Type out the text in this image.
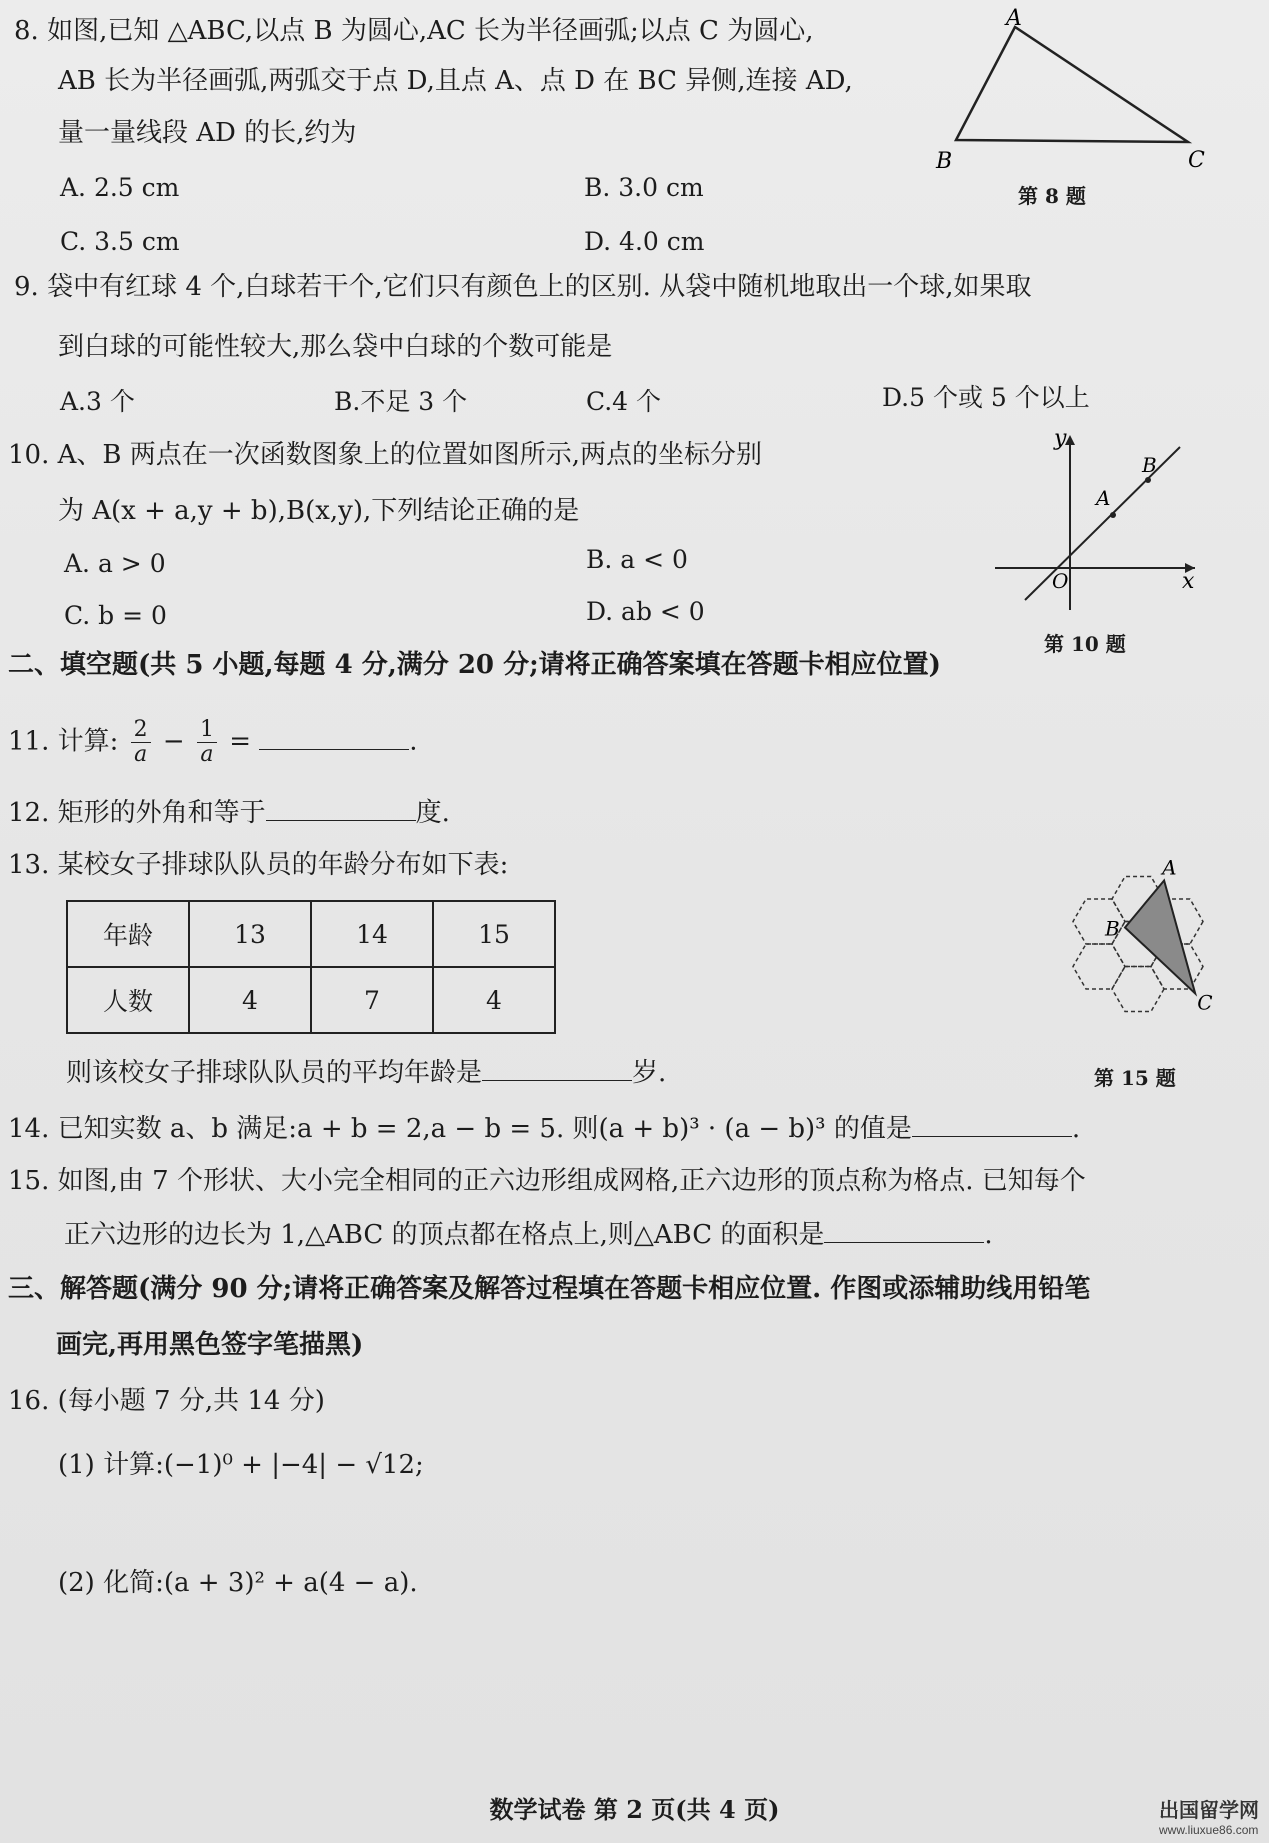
8. 如图,已知 △ABC,以点 B 为圆心,AC 长为半径画弧;以点 C 为圆心,
AB 长为半径画弧,两弧交于点 D,且点 A、点 D 在 BC 异侧,连接 AD,
量一量线段 AD 的长,约为
A. 2.5 cm	B. 3.0 cm
C. 3.5 cm	D. 4.0 cm
A
B	C
第 8 题
9. 袋中有红球 4 个,白球若干个,它们只有颜色上的区别. 从袋中随机地取出一个球,如果取
到白球的可能性较大,那么袋中白球的个数可能是
A.3 个	B.不足 3 个	C.4 个	D.5 个或 5 个以上
10. A、B 两点在一次函数图象上的位置如图所示,两点的坐标分别
为 A(x + a,y + b),B(x,y),下列结论正确的是
A. a > 0	B. a < 0
C. b = 0	D. ab < 0
y
x
O
A
B
第 10 题
二、填空题(共 5 小题,每题 4 分,满分 20 分;请将正确答案填在答题卡相应位置)
11. 计算: $\frac{2}{a} - \frac{1}{a}$ =	.
12. 矩形的外角和等于	度.
13. 某校女子排球队队员的年龄分布如下表:
年龄	13	14	15
人数	4	7	4
则该校女子排球队队员的平均年龄是	岁.
A
B
C
第 15 题
14. 已知实数 a、b 满足:a + b = 2,a − b = 5. 则(a + b)³ · (a − b)³ 的值是	.
15. 如图,由 7 个形状、大小完全相同的正六边形组成网格,正六边形的顶点称为格点. 已知每个
正六边形的边长为 1,△ABC 的顶点都在格点上,则△ABC 的面积是	.
三、解答题(满分 90 分;请将正确答案及解答过程填在答题卡相应位置. 作图或添辅助线用铅笔
画完,再用黑色签字笔描黑)
16. (每小题 7 分,共 14 分)
(1) 计算:(−1)⁰ + |−4| − √12;
(2) 化简:(a + 3)² + a(4 − a).
数学试卷 第 2 页(共 4 页)	出国留学网
www.liuxue86.com
